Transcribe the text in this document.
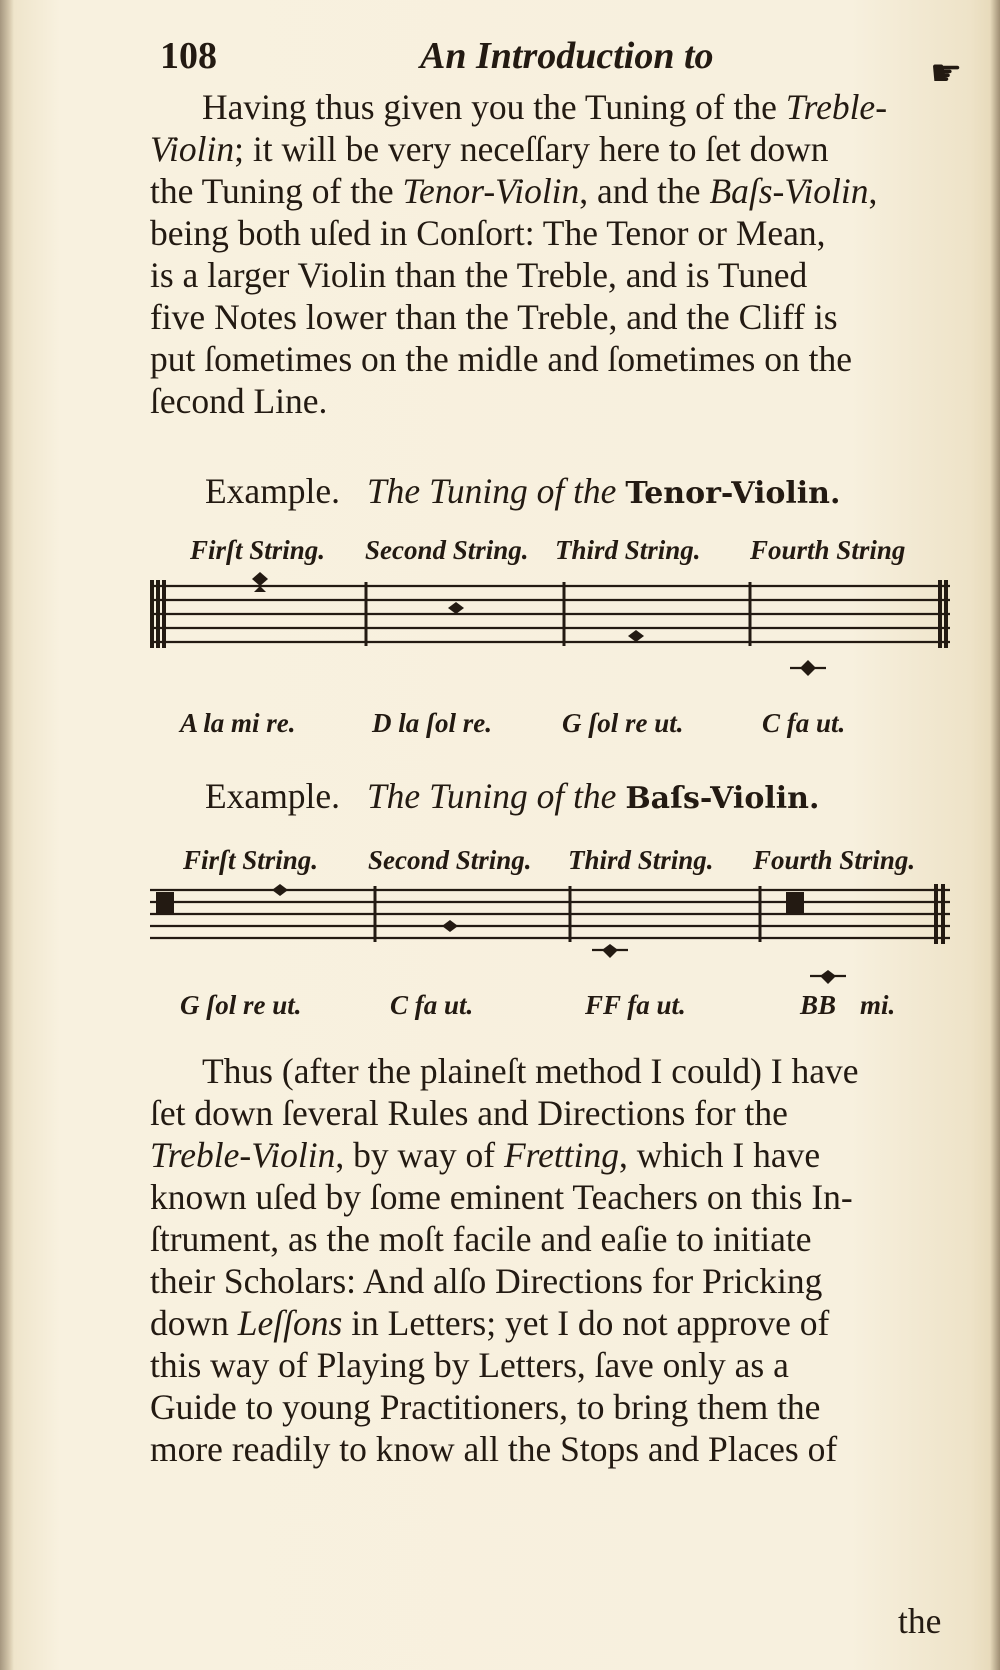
108	An Introduction to	☛
Having thus given you the Tuning of the Treble-
Violin; it will be very neceſſary here to ſet down
the Tuning of the Tenor-Violin, and the Baſs-Violin,
being both uſed in Conſort: The Tenor or Mean,
is a larger Violin than the Treble, and is Tuned
five Notes lower than the Treble, and the Cliff is
put ſometimes on the midle and ſometimes on the
ſecond Line.
Example. The Tuning of the Tenor-Violin.
Firſt String. Second String. Third String. Fourth String
A la mi re.	D la ſol re.	G ſol re ut.	C fa ut.
Example. The Tuning of the Baſs-Violin.
Firſt String. Second String. Third String. Fourth String.
G ſol re ut.	C fa ut.	FF fa ut.	BB mi.
Thus (after the plaineſt method I could) I have
ſet down ſeveral Rules and Directions for the
Treble-Violin, by way of Fretting, which I have
known uſed by ſome eminent Teachers on this In-
ſtrument, as the moſt facile and eaſie to initiate
their Scholars: And alſo Directions for Pricking
down Leſſons in Letters; yet I do not approve of
this way of Playing by Letters, ſave only as a
Guide to young Practitioners, to bring them the
more readily to know all the Stops and Places of
the
